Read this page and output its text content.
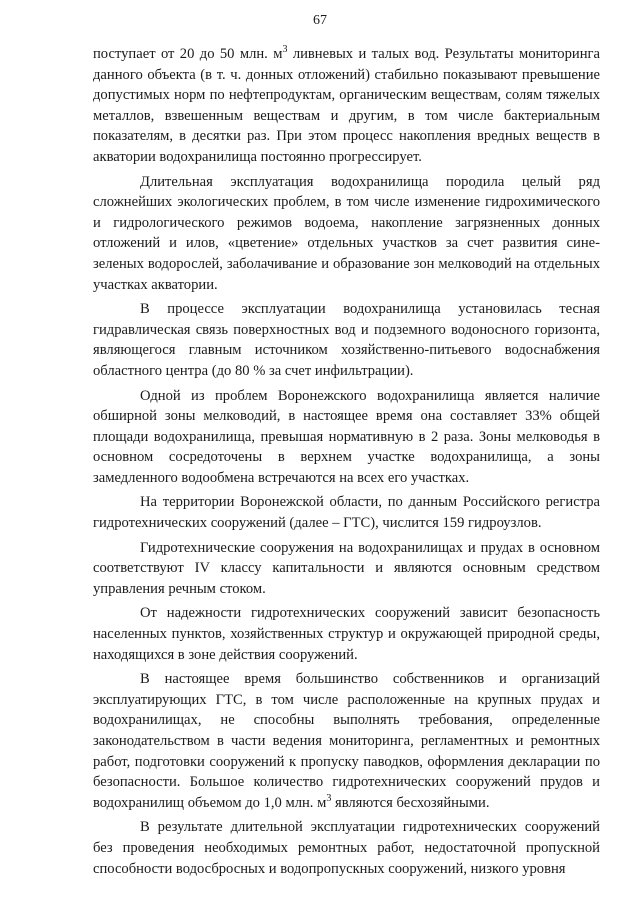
67

поступает от 20 до 50 млн. $м^3$ ливневых и талых вод. Результаты мониторинга данного объекта (в т. ч. донных отложений) стабильно показывают превышение допустимых норм по нефтепродуктам, органическим веществам, солям тяжелых металлов, взвешенным веществам и другим, в том числе бактериальным показателям, в десятки раз. При этом процесс накопления вредных веществ в акватории водохранилища постоянно прогрессирует.

Длительная эксплуатация водохранилища породила целый ряд сложнейших экологических проблем, в том числе изменение гидрохимического и гидрологического режимов водоема, накопление загрязненных донных отложений и илов, «цветение» отдельных участков за счет развития сине-зеленых водорослей, заболачивание и образование зон мелководий на отдельных участках акватории.

В процессе эксплуатации водохранилища установилась тесная гидравлическая связь поверхностных вод и подземного водоносного горизонта, являющегося главным источником хозяйственно-питьевого водоснабжения областного центра (до 80 % за счет инфильтрации).

Одной из проблем Воронежского водохранилища является наличие обширной зоны мелководий, в настоящее время она составляет 33% общей площади водохранилища, превышая нормативную в 2 раза. Зоны мелководья в основном сосредоточены в верхнем участке водохранилища, а зоны замедленного водообмена встречаются на всех его участках.

На территории Воронежской области, по данным Российского регистра гидротехнических сооружений (далее – ГТС), числится 159 гидроузлов.

Гидротехнические сооружения на водохранилищах и прудах в основном соответствуют IV классу капитальности и являются основным средством управления речным стоком.

От надежности гидротехнических сооружений зависит безопасность населенных пунктов, хозяйственных структур и окружающей природной среды, находящихся в зоне действия сооружений.

В настоящее время большинство собственников и организаций эксплуатирующих ГТС, в том числе расположенные на крупных прудах и водохранилищах, не способны выполнять требования, определенные законодательством в части ведения мониторинга, регламентных и ремонтных работ, подготовки сооружений к пропуску паводков, оформления декларации по безопасности. Большое количество гидротехнических сооружений прудов и водохранилищ объемом до 1,0 млн. $м^3$ являются бесхозяйными.

В результате длительной эксплуатации гидротехнических сооружений без проведения необходимых ремонтных работ, недостаточной пропускной способности водосбросных и водопропускных сооружений, низкого уровня
